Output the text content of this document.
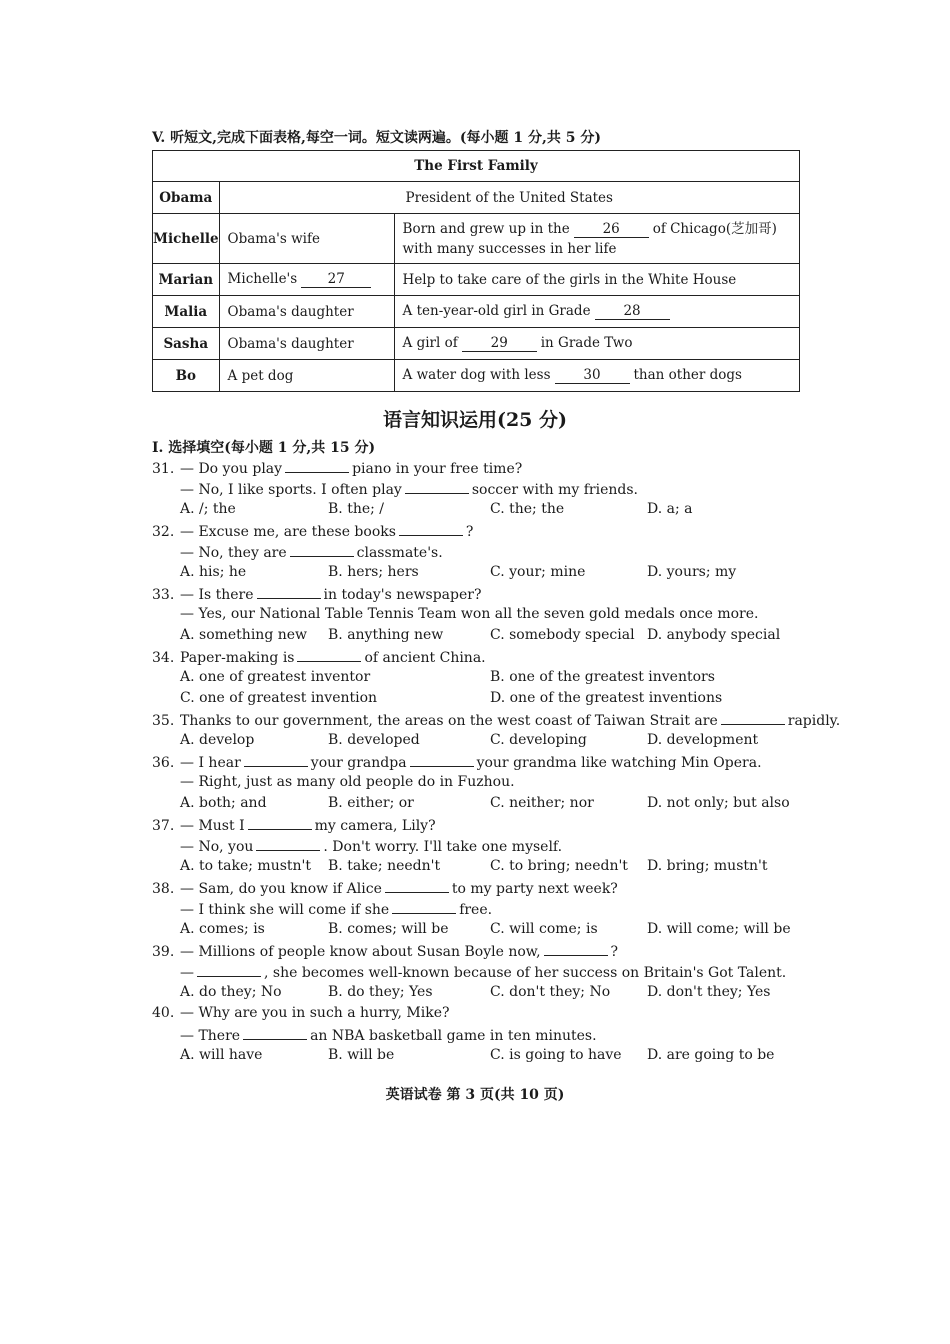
V. 听短文,完成下面表格,每空一词。短文读两遍。(每小题 1 分,共 5 分)
The First Family		
Obama	President of the United States	
Michelle	Obama's wife	Born and grew up in the 26 of Chicago(芝加哥)
with many successes in her life
Marian	Michelle's 27	Help to take care of the girls in the White House
Malia	Obama's daughter	A ten-year-old girl in Grade 28
Sasha	Obama's daughter	A girl of 29 in Grade Two
Bo	A pet dog	A water dog with less 30 than other dogs
语言知识运用(25 分)
I. 选择填空(每小题 1 分,共 15 分)
31. — Do you play	piano in your free time?
— No, I like sports. I often play	soccer with my friends.
A. /; the	B. the; /	C. the; the	D. a; a
32. — Excuse me, are these books	?
— No, they are	classmate's.
A. his; he	B. hers; hers	C. your; mine	D. yours; my
33. — Is there	in today's newspaper?
— Yes, our National Table Tennis Team won all the seven gold medals once more.
A. something new B. anything new	C. somebody special D. anybody special
34. Paper-making is	of ancient China.
A. one of greatest inventor	B. one of the greatest inventors
C. one of greatest invention	D. one of the greatest inventions
35. Thanks to our government, the areas on the west coast of Taiwan Strait are	rapidly.
A. develop	B. developed	C. developing	D. development
36. — I hear	your grandpa	your grandma like watching Min Opera.
— Right, just as many old people do in Fuzhou.
A. both; and	B. either; or	C. neither; nor	D. not only; but also
37. — Must I	my camera, Lily?
— No, you	. Don't worry. I'll take one myself.
A. to take; mustn't B. take; needn't	C. to bring; needn't D. bring; mustn't
38. — Sam, do you know if Alice	to my party next week?
— I think she will come if she	free.
A. comes; is	B. comes; will be	C. will come; is	D. will come; will be
39. — Millions of people know about Susan Boyle now,	?
—	, she becomes well-known because of her success on Britain's Got Talent.
A. do they; No	B. do they; Yes	C. don't they; No	D. don't they; Yes
40. — Why are you in such a hurry, Mike?
— There	an NBA basketball game in ten minutes.
A. will have	B. will be	C. is going to have D. are going to be
英语试卷 第 3 页(共 10 页)
